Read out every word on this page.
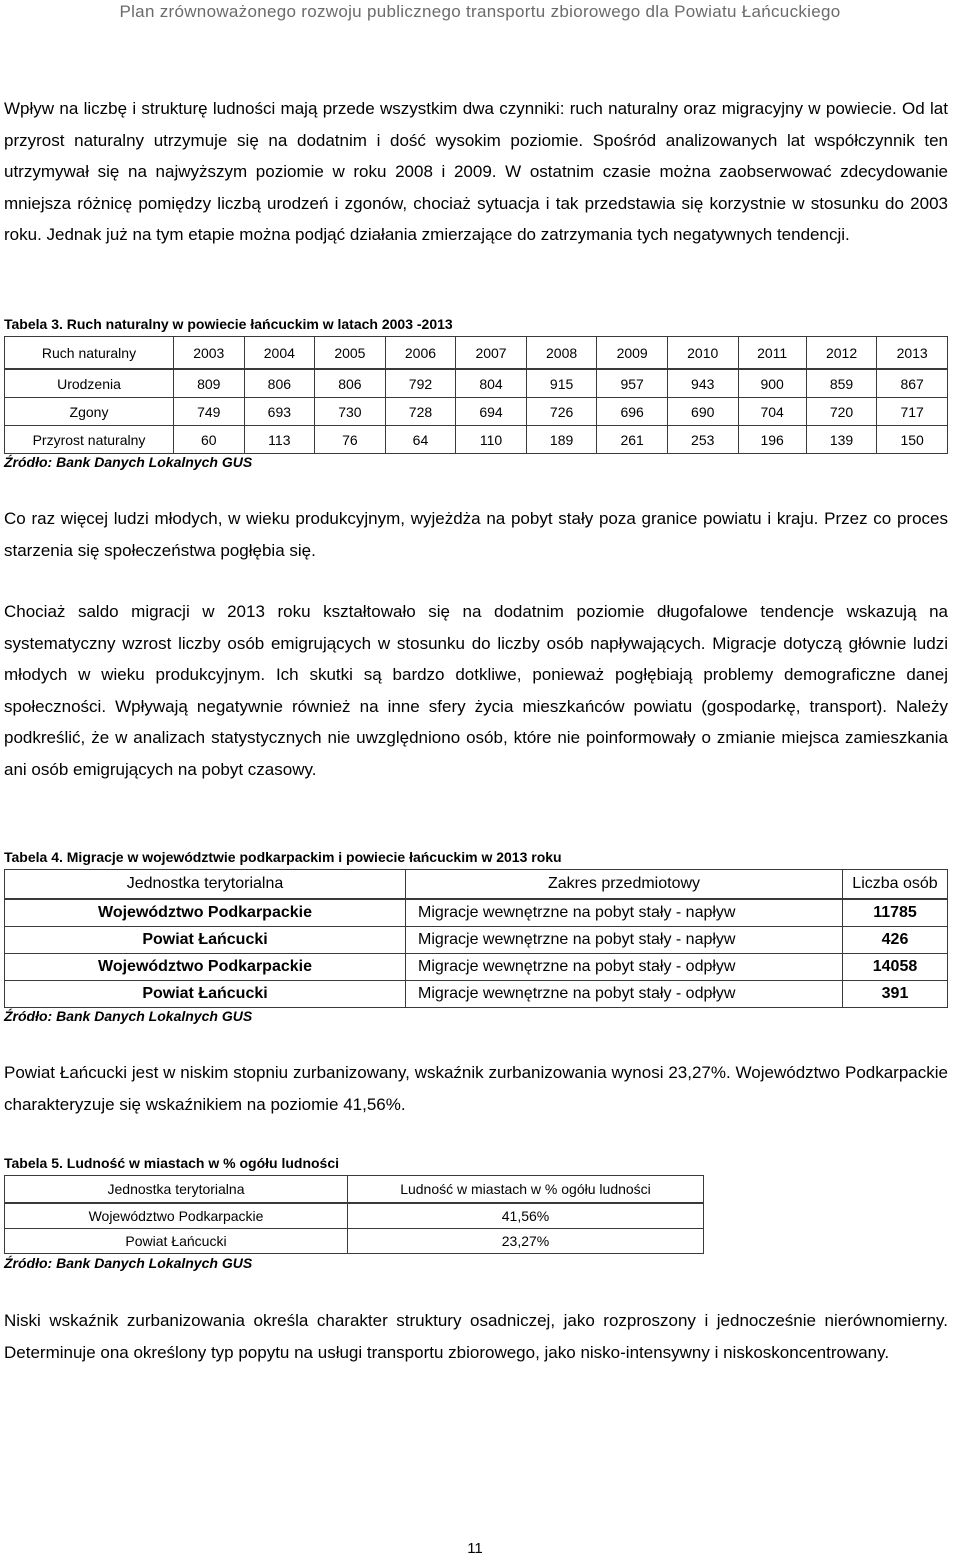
Plan zrównoważonego rozwoju publicznego transportu zbiorowego dla Powiatu Łańcuckiego
Wpływ na liczbę i strukturę ludności mają przede wszystkim dwa czynniki: ruch naturalny oraz migracyjny w powiecie. Od lat przyrost naturalny utrzymuje się na dodatnim i dość wysokim poziomie. Spośród analizowanych lat współczynnik ten utrzymywał się na najwyższym poziomie w roku 2008 i 2009. W ostatnim czasie można zaobserwować zdecydowanie mniejsza różnicę pomiędzy liczbą urodzeń i zgonów, chociaż sytuacja i tak przedstawia się korzystnie w stosunku do 2003 roku. Jednak już na tym etapie można podjąć działania zmierzające do zatrzymania tych negatywnych tendencji.
Tabela 3. Ruch naturalny w powiecie łańcuckim w latach 2003 -2013
Ruch naturalny	2003	2004	2005	2006	2007	2008	2009	2010	2011	2012	2013
Urodzenia	809	806	806	792	804	915	957	943	900	859	867
Zgony	749	693	730	728	694	726	696	690	704	720	717
Przyrost naturalny	60	113	76	64	110	189	261	253	196	139	150
Źródło: Bank Danych Lokalnych GUS
Co raz więcej ludzi młodych, w wieku produkcyjnym, wyjeżdża na pobyt stały poza granice powiatu i kraju. Przez co proces starzenia się społeczeństwa pogłębia się.
Chociaż saldo migracji w 2013 roku kształtowało się na dodatnim poziomie długofalowe tendencje wskazują na systematyczny wzrost liczby osób emigrujących w stosunku do liczby osób napływających. Migracje dotyczą głównie ludzi młodych w wieku produkcyjnym. Ich skutki są bardzo dotkliwe, ponieważ pogłębiają problemy demograficzne danej społeczności. Wpływają negatywnie również na inne sfery życia mieszkańców powiatu (gospodarkę, transport). Należy podkreślić, że w analizach statystycznych nie uwzględniono osób, które nie poinformowały o zmianie miejsca zamieszkania ani osób emigrujących na pobyt czasowy.
Tabela 4. Migracje w województwie podkarpackim i powiecie łańcuckim w 2013 roku
Jednostka terytorialna	Zakres przedmiotowy	Liczba osób
Województwo Podkarpackie	Migracje wewnętrzne na pobyt stały - napływ	11785
Powiat Łańcucki	Migracje wewnętrzne na pobyt stały - napływ	426
Województwo Podkarpackie	Migracje wewnętrzne na pobyt stały - odpływ	14058
Powiat Łańcucki	Migracje wewnętrzne na pobyt stały - odpływ	391
Źródło: Bank Danych Lokalnych GUS
Powiat Łańcucki jest w niskim stopniu zurbanizowany, wskaźnik zurbanizowania wynosi 23,27%. Województwo Podkarpackie charakteryzuje się wskaźnikiem na poziomie 41,56%.
Tabela 5. Ludność w miastach w % ogółu ludności
Jednostka terytorialna	Ludność w miastach w % ogółu ludności
Województwo Podkarpackie	41,56%
Powiat Łańcucki	23,27%
Źródło: Bank Danych Lokalnych GUS
Niski wskaźnik zurbanizowania określa charakter struktury osadniczej, jako rozproszony i jednocześnie nierównomierny. Determinuje ona określony typ popytu na usługi transportu zbiorowego, jako nisko-intensywny i niskoskoncentrowany.
11
